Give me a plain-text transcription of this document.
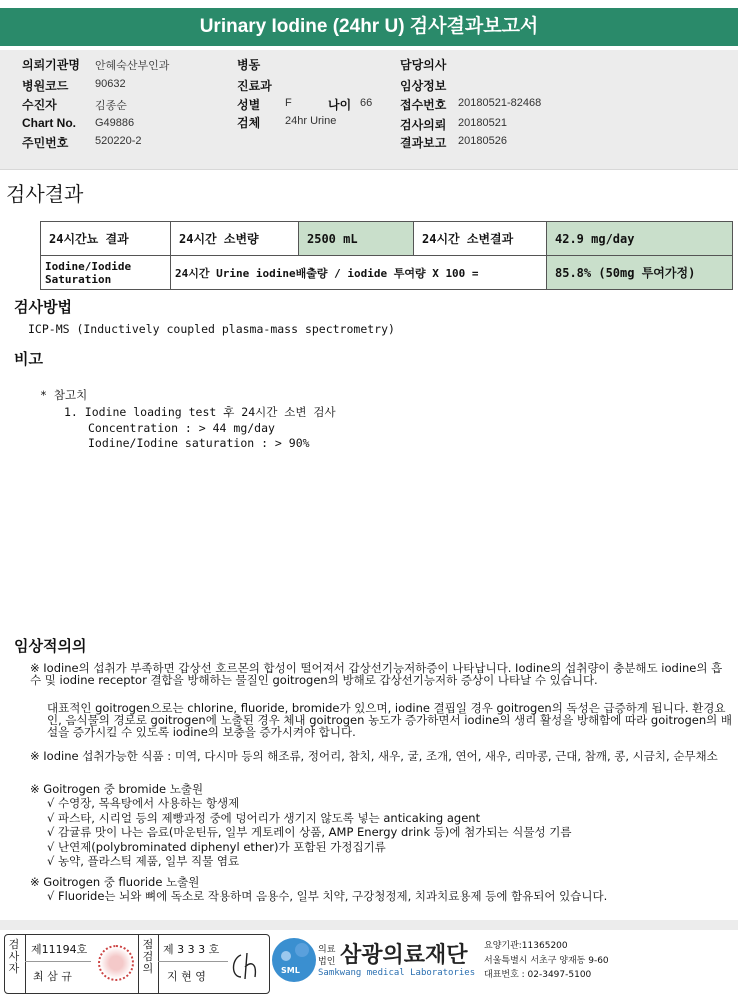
Urinary Iodine (24hr U) 검사결과보고서
의뢰기관명 안혜숙산부인과
병원코드 90632
수진자	김종순
Chart No. G49886
주민번호 520220-2
병동
진료과
성별 F	나이 66
검체 24hr Urine
담당의사
임상정보
접수번호 20180521-82468
검사의뢰 20180521
결과보고 20180526
검사결과
24시간뇨 결과	24시간 소변량	2500 mL	24시간 소변결과	42.9 mg/day
Iodine/Iodide Saturation	24시간 Urine iodine배출량 / iodide 투여량 X 100 =			85.8% (50mg 투여가정)
검사방법
ICP-MS (Inductively coupled plasma-mass spectrometry)
비고
* 참고치
1. Iodine loading test 후 24시간 소변 검사
Concentration : > 44 mg/day
Iodine/Iodine saturation : > 90%
임상적의의
※ Iodine의 섭취가 부족하면 갑상선 호르몬의 합성이 떨어져서 갑상선기능저하증이 나타납니다. Iodine의 섭취량이 충분해도 iodine의 흡수 및 iodine receptor 결합을 방해하는 물질인 goitrogen의 방해로 갑상선기능저하 증상이 나타날 수 있습니다.
대표적인 goitrogen으로는 chlorine, fluoride, bromide가 있으며, iodine 결핍일 경우 goitrogen의 독성은 급증하게 됩니다. 환경요인, 음식물의 경로로 goitrogen에 노출된 경우 체내 goitrogen 농도가 증가하면서 iodine의 생리 활성을 방해함에 따라 goitrogen의 배설을 증가시킬 수 있도록 iodine의 보충을 증가시켜야 합니다.
※ Iodine 섭취가능한 식품 : 미역, 다시마 등의 해조류, 정어리, 참치, 새우, 굴, 조개, 연어, 새우, 리마콩, 근대, 참깨, 콩, 시금치, 순무채소
※ Goitrogen 중 bromide 노출원
√ 수영장, 목욕탕에서 사용하는 항생제
√ 파스타, 시리얼 등의 제빵과정 중에 덩어리가 생기지 않도록 넣는 anticaking agent
√ 감귤류 맛이 나는 음료(마운틴듀, 일부 게토레이 상품, AMP Energy drink 등)에 첨가되는 식물성 기름
√ 난연제(polybrominated diphenyl ether)가 포함된 가정집기류
√ 농약, 플라스틱 제품, 일부 직물 염료
※ Goitrogen 중 fluoride 노출원
√ Fluoride는 뇌와 뼈에 독소로 작용하며 음용수, 일부 치약, 구강청정제, 치과치료용제 등에 함유되어 있습니다.
검
사
자
제11194호
최 삼 규
점
검
의
제 3 3 3 호
지 현 영	SML
의료
법인 삼광의료재단
Samkwang medical Laboratories
요양기관:11365200
서울특별시 서초구 양재동 9-60
대표번호 : 02-3497-5100
